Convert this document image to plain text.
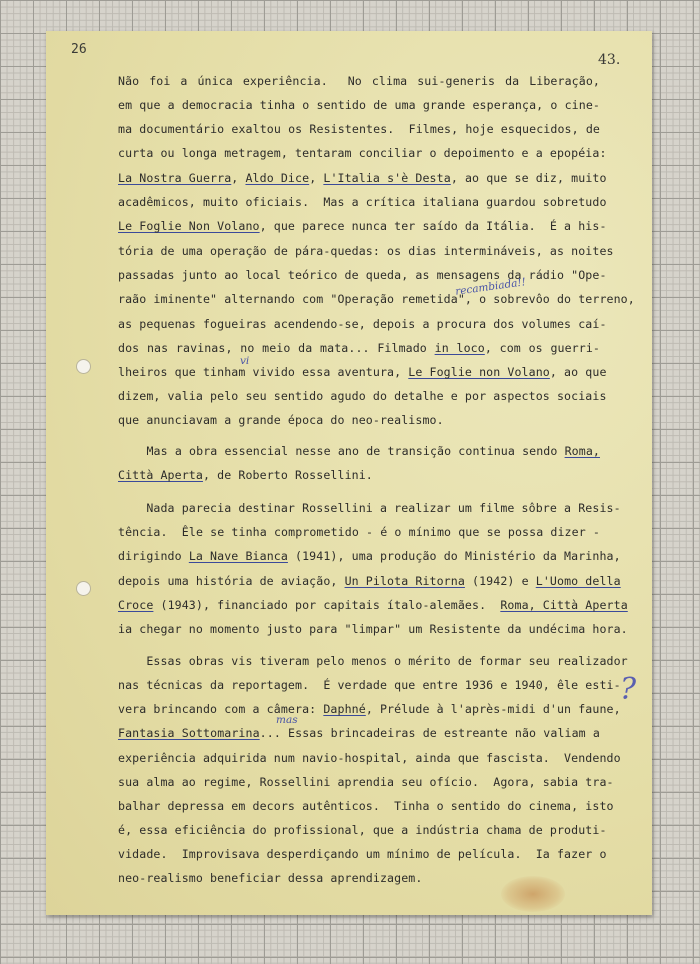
26
43.
Não foi a única experiência.  No clima sui-generis da Liberação,
em que a democracia tinha o sentido de uma grande esperança, o cine-
ma documentário exaltou os Resistentes.  Filmes, hoje esquecidos, de
curta ou longa metragem, tentaram conciliar o depoimento e a epopéia:
La Nostra Guerra, Aldo Dice, L'Italia s'è Desta, ao que se diz, muito
acadêmicos, muito oficiais.  Mas a crítica italiana guardou sobretudo
Le Foglie Non Volano, que parece nunca ter saído da Itália.  É a his-
tória de uma operação de pára-quedas: os dias intermináveis, as noites
passadas junto ao local teórico de queda, as mensagens da rádio "Ope-
raão iminente" alternando com "Operação remetida", o sobrevôo do terreno,
as pequenas fogueiras acendendo-se, depois a procura dos volumes caí-
dos nas ravinas, no meio da mata... Filmado in loco, com os guerri-
lheiros que tinham vivido essa aventura, Le Foglie non Volano, ao que
dizem, valia pelo seu sentido agudo do detalhe e por aspectos sociais
que anunciavam a grande época do neo-realismo.
Mas a obra essencial nesse ano de transição continua sendo Roma,
Città Aperta, de Roberto Rossellini.
Nada parecia destinar Rossellini a realizar um filme sôbre a Resis-
tência.  Êle se tinha comprometido - é o mínimo que se possa dizer -
dirigindo La Nave Bianca (1941), uma produção do Ministério da Marinha,
depois uma história de aviação, Un Pilota Ritorna (1942) e L'Uomo della
Croce (1943), financiado por capitais ítalo-alemães.  Roma, Città Aperta
ia chegar no momento justo para "limpar" um Resistente da undécima hora.
Essas obras vis tiveram pelo menos o mérito de formar seu realizador
nas técnicas da reportagem.  É verdade que entre 1936 e 1940, êle esti-
vera brincando com a câmera: Daphné, Prélude à l'après-midi d'un faune,
Fantasia Sottomarina... Essas brincadeiras de estreante não valiam a
experiência adquirida num navio-hospital, ainda que fascista.  Vendendo
sua alma ao regime, Rossellini aprendia seu ofício.  Agora, sabia tra-
balhar depressa em decors autênticos.  Tinha o sentido do cinema, isto
é, essa eficiência do profissional, que a indústria chama de produti-
vidade.  Improvisava desperdiçando um mínimo de película.  Ia fazer o
neo-realismo beneficiar dessa aprendizagem.
recambiada!!
vi
mas
?
